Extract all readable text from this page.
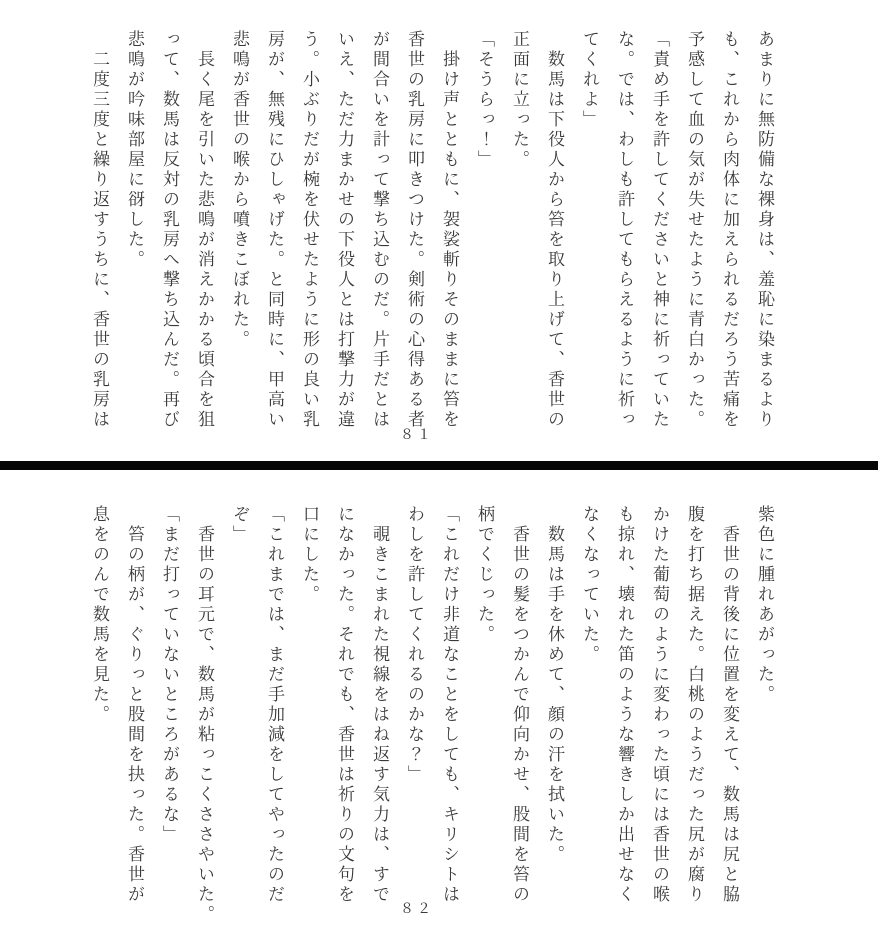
あまりに無防備な裸身は、羞恥に染まるより
も、これから肉体に加えられるだろう苦痛を
予感して血の気が失せたように青白かった。
「責め手を許してくださいと神に祈っていた
な。では、わしも許してもらえるように祈っ
てくれよ」
　数馬は下役人から笞を取り上げて、香世の
正面に立った。
「そうらっ！」
　掛け声とともに、袈裟斬りそのままに笞を
香世の乳房に叩きつけた。剣術の心得ある者
が間合いを計って撃ち込むのだ。片手だとは
いえ、ただ力まかせの下役人とは打撃力が違
う。小ぶりだが椀を伏せたように形の良い乳
房が、無残にひしゃげた。と同時に、甲高い
悲鳴が香世の喉から噴きこぼれた。
　長く尾を引いた悲鳴が消えかかる頃合を狙
って、数馬は反対の乳房へ撃ち込んだ。再び
悲鳴が吟味部屋に谺した。
　二度三度と繰り返すうちに、香世の乳房は
８１
紫色に腫れあがった。
　香世の背後に位置を変えて、数馬は尻と脇
腹を打ち据えた。白桃のようだった尻が腐り
かけた葡萄のように変わった頃には香世の喉
も掠れ、壊れた笛のような響きしか出せなく
なくなっていた。
　数馬は手を休めて、顔の汗を拭いた。
　香世の髪をつかんで仰向かせ、股間を笞の
柄でくじった。
「これだけ非道なことをしても、キリシトは
わしを許してくれるのかな？」
　覗きこまれた視線をはね返す気力は、すで
になかった。それでも、香世は祈りの文句を
口にした。
「これまでは、まだ手加減をしてやったのだ
ぞ」
　香世の耳元で、数馬が粘っこくささやいた。
「まだ打っていないところがあるな」
　笞の柄が、ぐりっと股間を抉った。香世が
息をのんで数馬を見た。
８２
